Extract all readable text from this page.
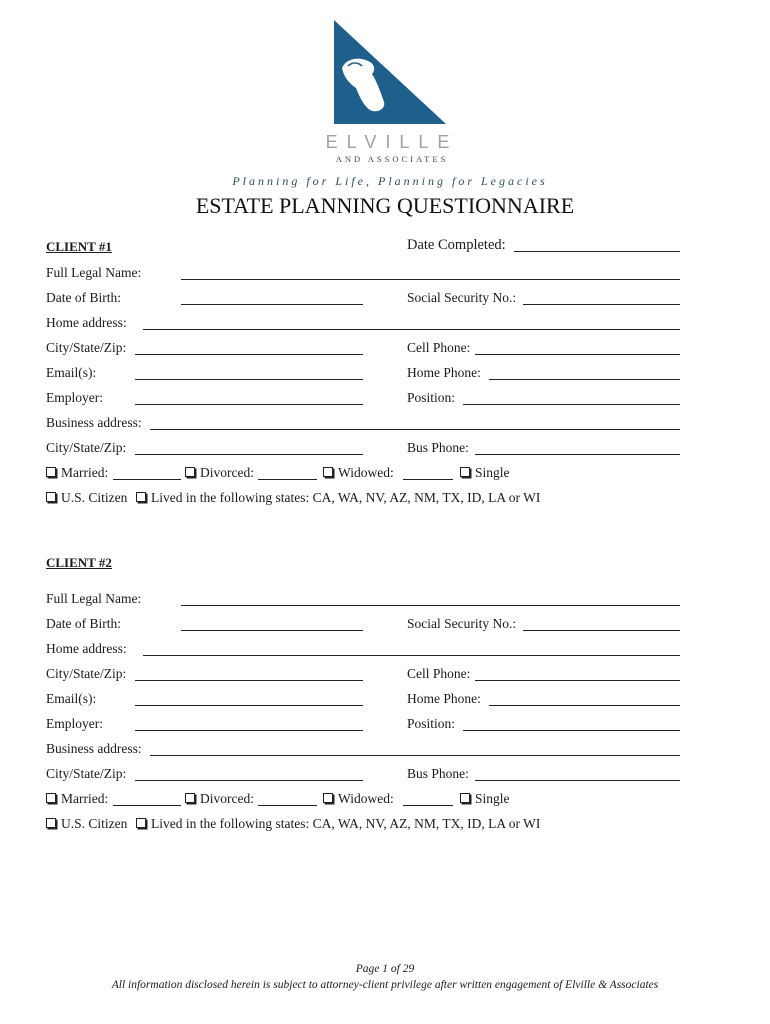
ELVILLE
AND ASSOCIATES
Planning for Life, Planning for Legacies
ESTATE PLANNING QUESTIONNAIRE
CLIENT #1	Date Completed:
Full Legal Name:
Date of Birth:	Social Security No.:
Home address:
City/State/Zip:	Cell Phone:
Email(s):	Home Phone:
Employer:	Position:
Business address:
City/State/Zip:	Bus Phone:
Married:	Divorced:	Widowed:	Single
U.S. Citizen	Lived in the following states: CA, WA, NV, AZ, NM, TX, ID, LA or WI
CLIENT #2
Full Legal Name:
Date of Birth:	Social Security No.:
Home address:
City/State/Zip:	Cell Phone:
Email(s):	Home Phone:
Employer:	Position:
Business address:
City/State/Zip:	Bus Phone:
Married:	Divorced:	Widowed:	Single
U.S. Citizen	Lived in the following states: CA, WA, NV, AZ, NM, TX, ID, LA or WI
Page 1 of 29
All information disclosed herein is subject to attorney-client privilege after written engagement of Elville & Associates
